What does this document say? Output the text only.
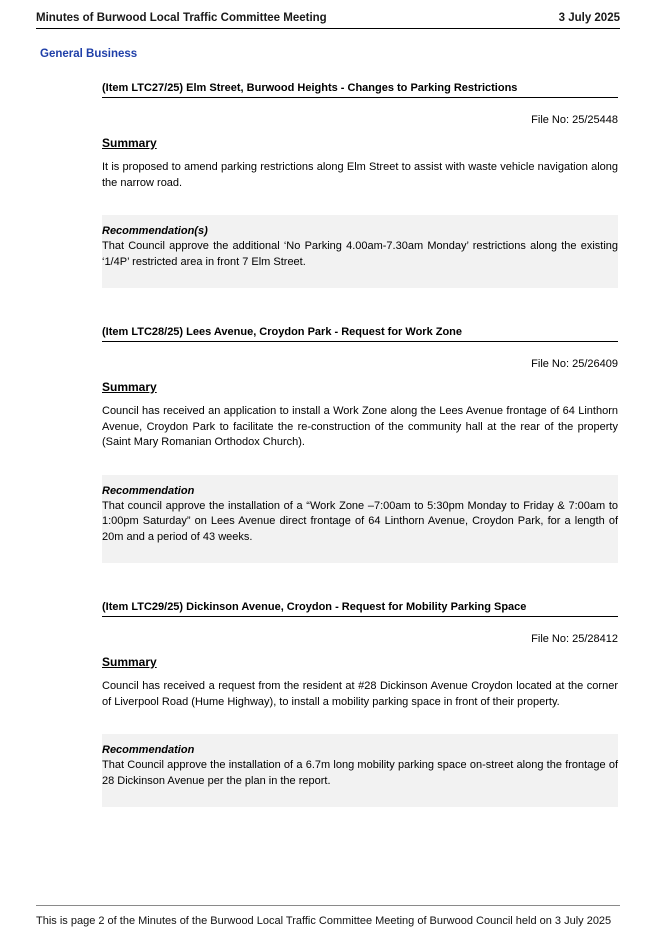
Minutes of Burwood Local Traffic Committee Meeting	3 July 2025
General Business
(Item LTC27/25) Elm Street, Burwood Heights - Changes to Parking Restrictions
File No: 25/25448
Summary

It is proposed to amend parking restrictions along Elm Street to assist with waste vehicle navigation along the narrow road.

Recommendation(s)

That Council approve the additional ‘No Parking 4.00am-7.30am Monday’ restrictions along the existing ‘1/4P’ restricted area in front 7 Elm Street.

(Item LTC28/25) Lees Avenue, Croydon Park - Request for Work Zone
File No: 25/26409
Summary

Council has received an application to install a Work Zone along the Lees Avenue frontage of 64 Linthorn Avenue, Croydon Park to facilitate the re-construction of the community hall at the rear of the property (Saint Mary Romanian Orthodox Church).

Recommendation

That council approve the installation of a “Work Zone –7:00am to 5:30pm Monday to Friday & 7:00am to 1:00pm Saturday” on Lees Avenue direct frontage of 64 Linthorn Avenue, Croydon Park, for a length of 20m and a period of 43 weeks.

(Item LTC29/25) Dickinson Avenue, Croydon - Request for Mobility Parking Space
File No: 25/28412
Summary

Council has received a request from the resident at #28 Dickinson Avenue Croydon located at the corner of Liverpool Road (Hume Highway), to install a mobility parking space in front of their property.

Recommendation

That Council approve the installation of a 6.7m long mobility parking space on-street along the frontage of 28 Dickinson Avenue per the plan in the report.

This is page 2 of the Minutes of the Burwood Local Traffic Committee Meeting of Burwood Council held on 3 July 2025
